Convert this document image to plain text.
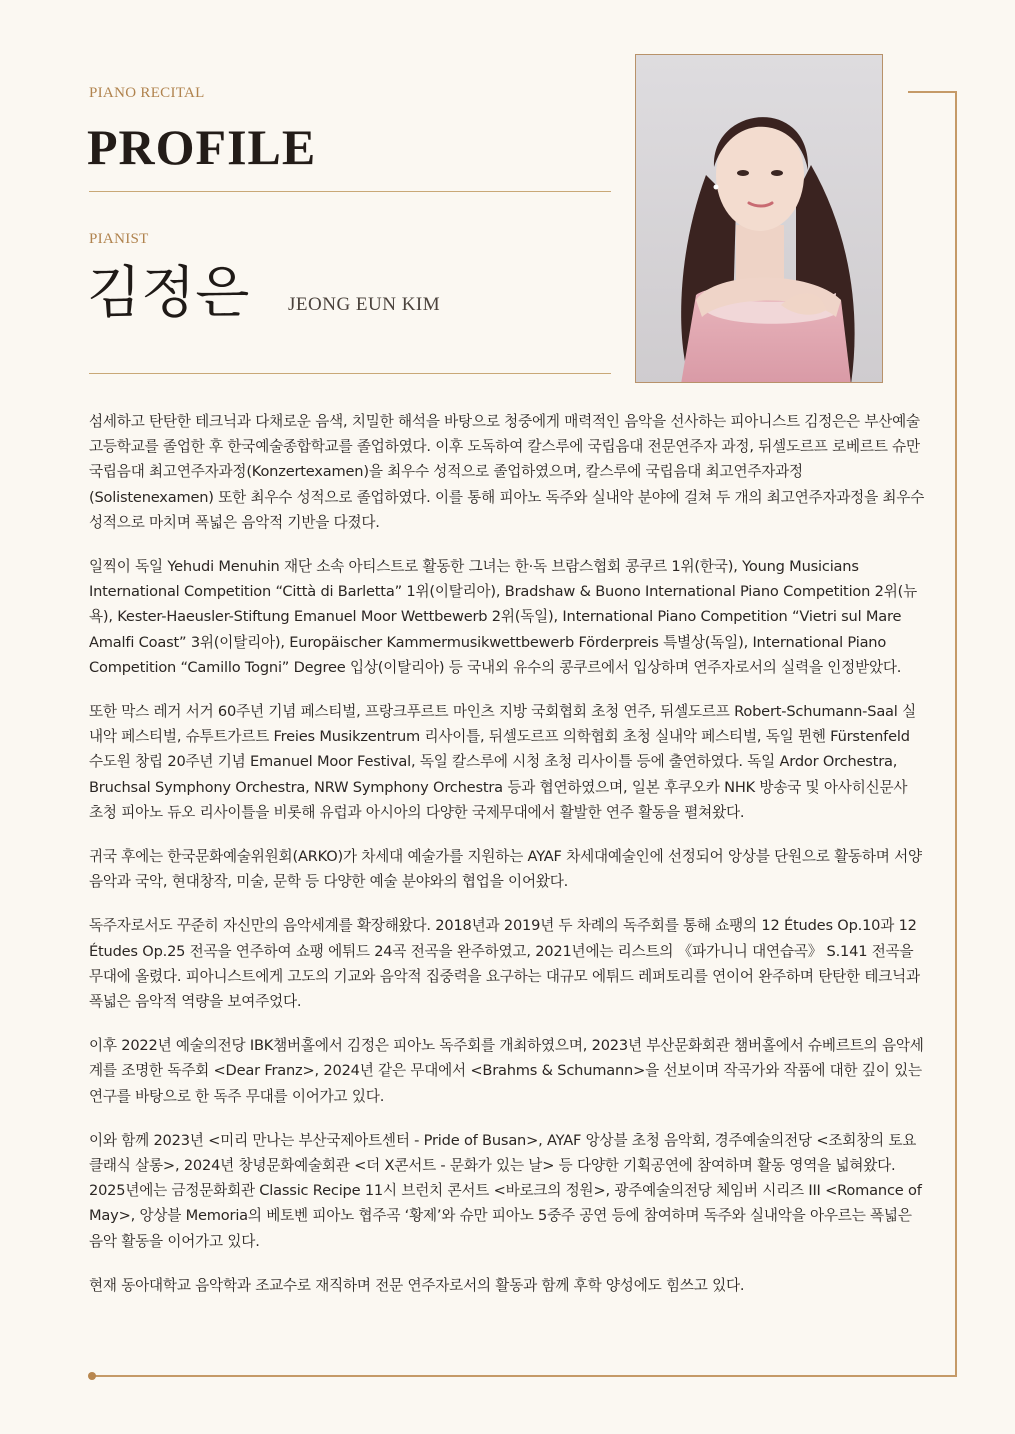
PIANO RECITAL
PROFILE
PIANIST
김정은 JEONG EUN KIM

섬세하고 탄탄한 테크닉과 다채로운 음색, 치밀한 해석을 바탕으로 청중에게 매력적인 음악을 선사하는 피아니스트 김정은은 부산예술고등학교를 졸업한 후 한국예술종합학교를 졸업하였다. 이후 도독하여 칼스루에 국립음대 전문연주자 과정, 뒤셀도르프 로베르트 슈만 국립음대 최고연주자과정(Konzertexamen)을 최우수 성적으로 졸업하였으며, 칼스루에 국립음대 최고연주자과정(Solistenexamen) 또한 최우수 성적으로 졸업하였다. 이를 통해 피아노 독주와 실내악 분야에 걸쳐 두 개의 최고연주자과정을 최우수 성적으로 마치며 폭넓은 음악적 기반을 다졌다.

일찍이 독일 Yehudi Menuhin 재단 소속 아티스트로 활동한 그녀는 한·독 브람스협회 콩쿠르 1위(한국), Young Musicians International Competition “Città di Barletta” 1위(이탈리아), Bradshaw & Buono International Piano Competition 2위(뉴욕), Kester-Haeusler-Stiftung Emanuel Moor Wettbewerb 2위(독일), International Piano Competition “Vietri sul Mare Amalfi Coast” 3위(이탈리아), Europäischer Kammermusikwettbewerb Förderpreis 특별상(독일), International Piano Competition “Camillo Togni” Degree 입상(이탈리아) 등 국내외 유수의 콩쿠르에서 입상하며 연주자로서의 실력을 인정받았다.

또한 막스 레거 서거 60주년 기념 페스티벌, 프랑크푸르트 마인츠 지방 국회협회 초청 연주, 뒤셀도르프 Robert-Schumann-Saal 실내악 페스티벌, 슈투트가르트 Freies Musikzentrum 리사이틀, 뒤셀도르프 의학협회 초청 실내악 페스티벌, 독일 뮌헨 Fürstenfeld 수도원 창립 20주년 기념 Emanuel Moor Festival, 독일 칼스루에 시청 초청 리사이틀 등에 출연하였다. 독일 Ardor Orchestra, Bruchsal Symphony Orchestra, NRW Symphony Orchestra 등과 협연하였으며, 일본 후쿠오카 NHK 방송국 및 아사히신문사 초청 피아노 듀오 리사이틀을 비롯해 유럽과 아시아의 다양한 국제무대에서 활발한 연주 활동을 펼쳐왔다.

귀국 후에는 한국문화예술위원회(ARKO)가 차세대 예술가를 지원하는 AYAF 차세대예술인에 선정되어 앙상블 단원으로 활동하며 서양음악과 국악, 현대창작, 미술, 문학 등 다양한 예술 분야와의 협업을 이어왔다.

독주자로서도 꾸준히 자신만의 음악세계를 확장해왔다. 2018년과 2019년 두 차례의 독주회를 통해 쇼팽의 12 Études Op.10과 12 Études Op.25 전곡을 연주하여 쇼팽 에튀드 24곡 전곡을 완주하였고, 2021년에는 리스트의 《파가니니 대연습곡》 S.141 전곡을 무대에 올렸다. 피아니스트에게 고도의 기교와 음악적 집중력을 요구하는 대규모 에튀드 레퍼토리를 연이어 완주하며 탄탄한 테크닉과 폭넓은 음악적 역량을 보여주었다.

이후 2022년 예술의전당 IBK챔버홀에서 김정은 피아노 독주회를 개최하였으며, 2023년 부산문화회관 챔버홀에서 슈베르트의 음악세계를 조명한 독주회 <Dear Franz>, 2024년 같은 무대에서 <Brahms & Schumann>을 선보이며 작곡가와 작품에 대한 깊이 있는 연구를 바탕으로 한 독주 무대를 이어가고 있다.

이와 함께 2023년 <미리 만나는 부산국제아트센터 - Pride of Busan>, AYAF 앙상블 초청 음악회, 경주예술의전당 <조회창의 토요 클래식 살롱>, 2024년 창녕문화예술회관 <더 X콘서트 - 문화가 있는 날> 등 다양한 기획공연에 참여하며 활동 영역을 넓혀왔다. 2025년에는 금정문화회관 Classic Recipe 11시 브런치 콘서트 <바로크의 정원>, 광주예술의전당 체임버 시리즈 III <Romance of May>, 앙상블 Memoria의 베토벤 피아노 협주곡 ‘황제’와 슈만 피아노 5중주 공연 등에 참여하며 독주와 실내악을 아우르는 폭넓은 음악 활동을 이어가고 있다.

현재 동아대학교 음악학과 조교수로 재직하며 전문 연주자로서의 활동과 함께 후학 양성에도 힘쓰고 있다.
